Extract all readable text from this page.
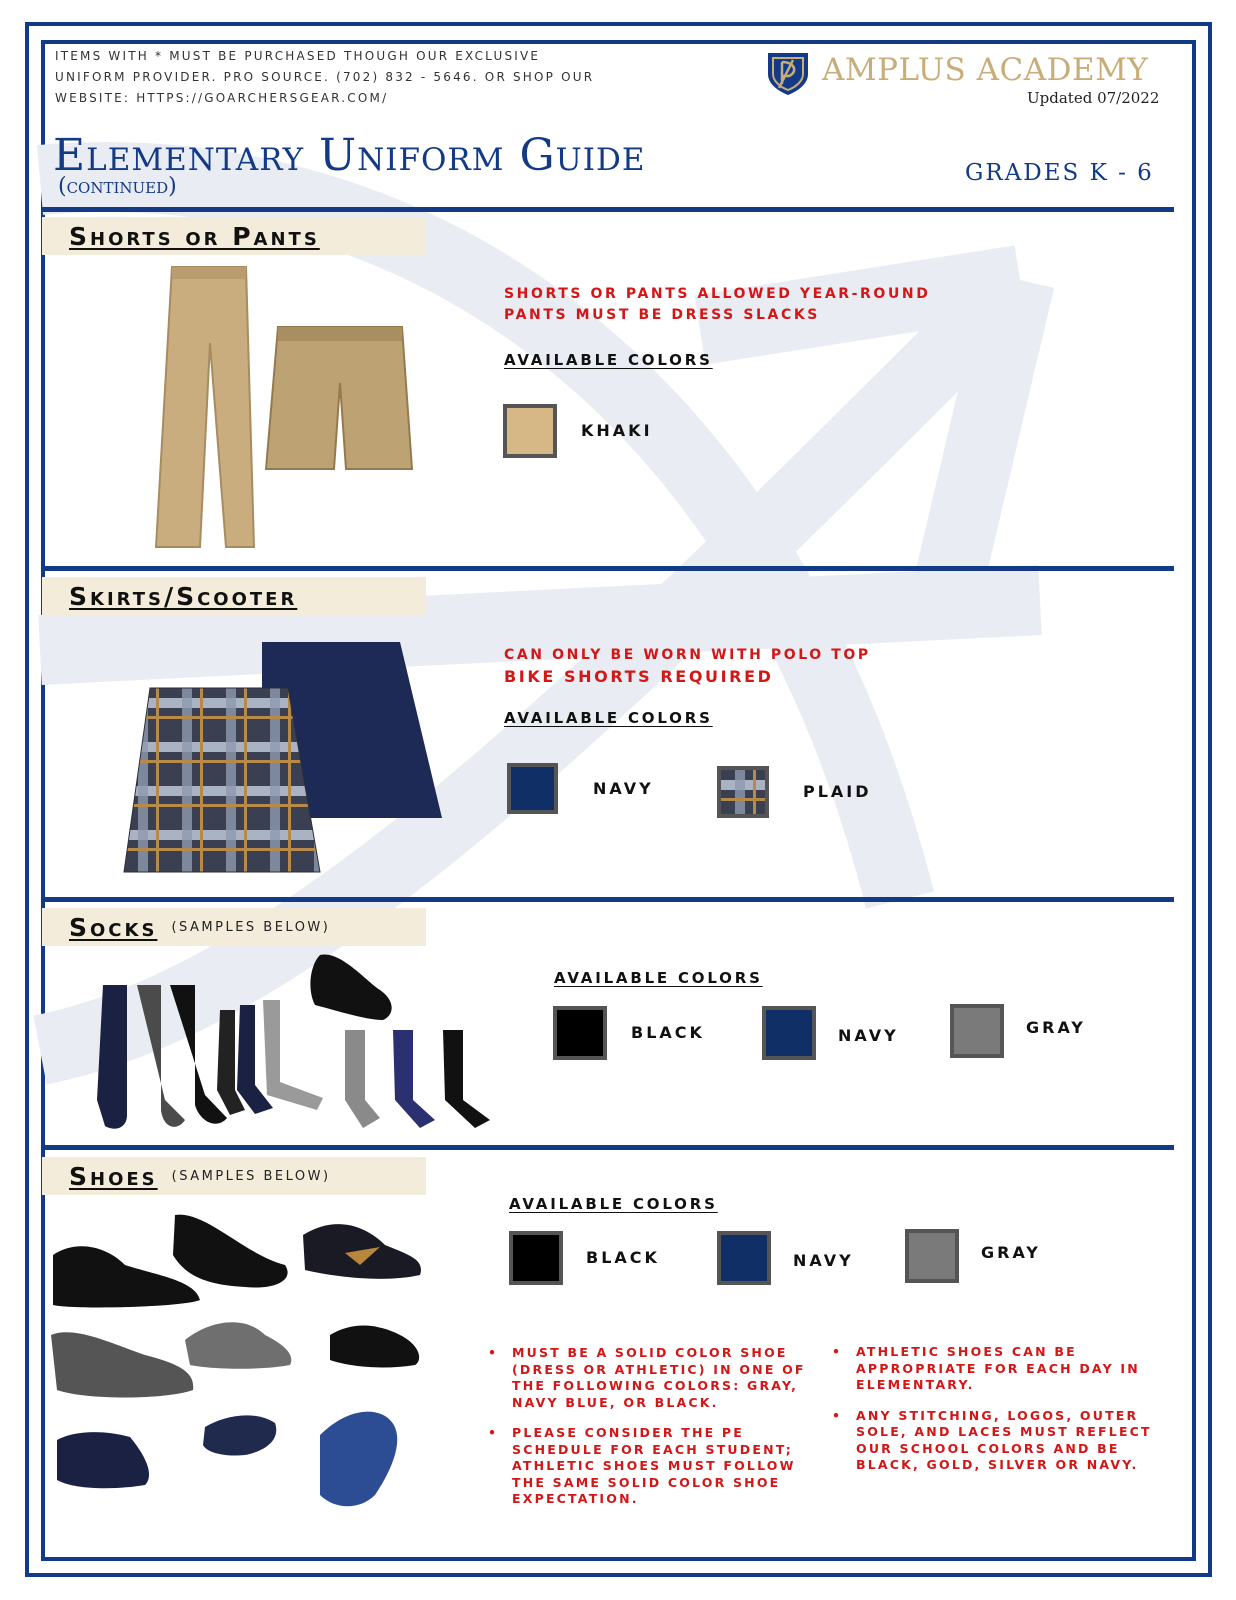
ITEMS WITH * MUST BE PURCHASED THOUGH OUR EXCLUSIVE
UNIFORM PROVIDER. PRO SOURCE. (702) 832 - 5646. OR SHOP OUR
WEBSITE: HTTPS://GOARCHERSGEAR.COM/
AMPLUS ACADEMY
Updated 07/2022
Elementary Uniform Guide
(continued)
GRADES K - 6
Shorts or Pants
SHORTS OR PANTS ALLOWED YEAR-ROUND
PANTS MUST BE DRESS SLACKS
AVAILABLE COLORS
KHAKI
Skirts/Scooter
CAN ONLY BE WORN WITH POLO TOP
BIKE SHORTS REQUIRED
AVAILABLE COLORS
NAVY	PLAID
Socks (SAMPLES BELOW)
AVAILABLE COLORS
BLACK	NAVY	GRAY
Shoes (SAMPLES BELOW)
AVAILABLE COLORS
BLACK	NAVY	GRAY
• MUST BE A SOLID COLOR SHOE (DRESS OR ATHLETIC) IN ONE OF THE FOLLOWING COLORS: GRAY, NAVY BLUE, OR BLACK.
• PLEASE CONSIDER THE PE SCHEDULE FOR EACH STUDENT; ATHLETIC SHOES MUST FOLLOW THE SAME SOLID COLOR SHOE EXPECTATION.
• ATHLETIC SHOES CAN BE APPROPRIATE FOR EACH DAY IN ELEMENTARY.
• ANY STITCHING, LOGOS, OUTER SOLE, AND LACES MUST REFLECT OUR SCHOOL COLORS AND BE BLACK, GOLD, SILVER OR NAVY.
